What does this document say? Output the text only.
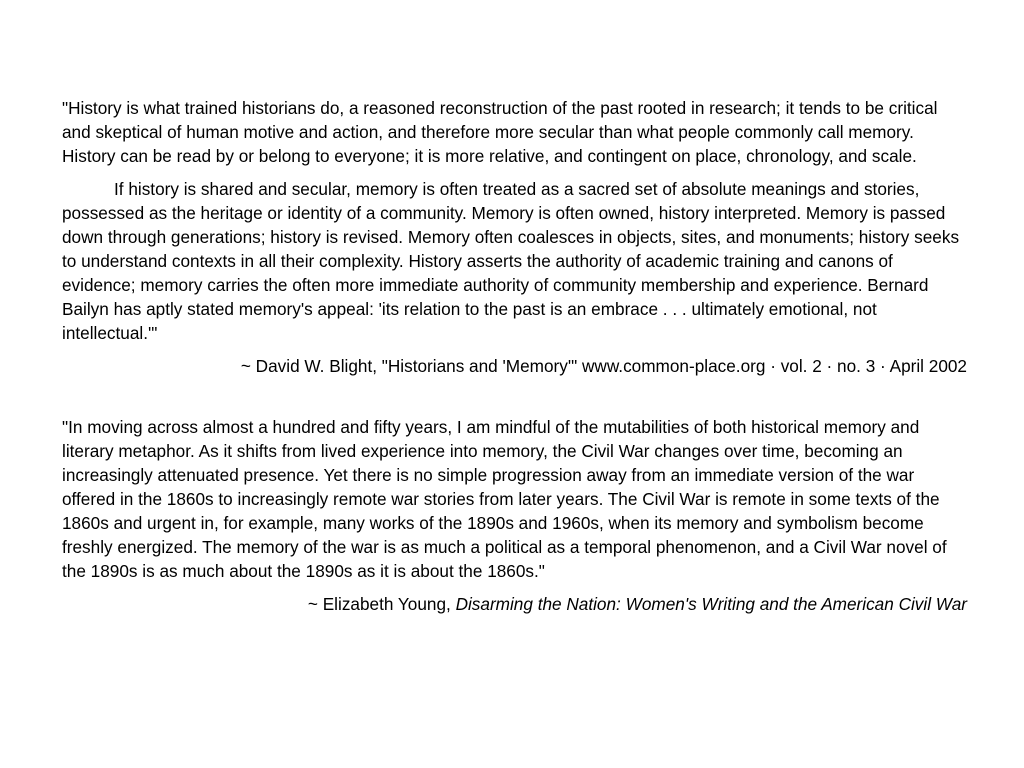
"History is what trained historians do, a reasoned reconstruction of the past rooted in research; it tends to be critical and skeptical of human motive and action, and therefore more secular than what people commonly call memory. History can be read by or belong to everyone; it is more relative, and contingent on place, chronology, and scale.

If history is shared and secular, memory is often treated as a sacred set of absolute meanings and stories, possessed as the heritage or identity of a community. Memory is often owned, history interpreted. Memory is passed down through generations; history is revised. Memory often coalesces in objects, sites, and monuments; history seeks to understand contexts in all their complexity. History asserts the authority of academic training and canons of evidence; memory carries the often more immediate authority of community membership and experience. Bernard Bailyn has aptly stated memory's appeal: 'its relation to the past is an embrace . . . ultimately emotional, not intellectual.'"

~ David W. Blight, "Historians and 'Memory'" www.common-place.org · vol. 2 · no. 3 · April 2002

"In moving across almost a hundred and fifty years, I am mindful of the mutabilities of both historical memory and literary metaphor. As it shifts from lived experience into memory, the Civil War changes over time, becoming an increasingly attenuated presence. Yet there is no simple progression away from an immediate version of the war offered in the 1860s to increasingly remote war stories from later years. The Civil War is remote in some texts of the 1860s and urgent in, for example, many works of the 1890s and 1960s, when its memory and symbolism become freshly energized. The memory of the war is as much a political as a temporal phenomenon, and a Civil War novel of the 1890s is as much about the 1890s as it is about the 1860s."

~ Elizabeth Young, Disarming the Nation: Women's Writing and the American Civil War
